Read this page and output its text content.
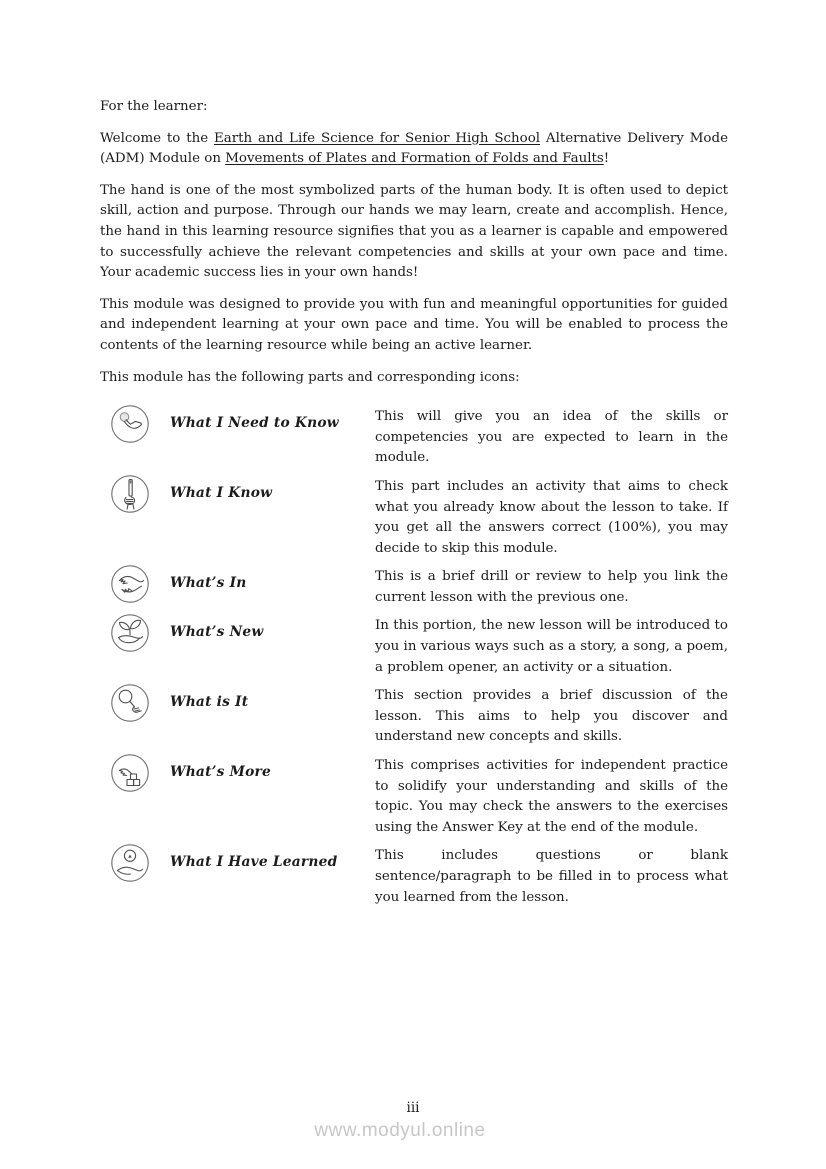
For the learner:

Welcome to the Earth and Life Science for Senior High School Alternative Delivery Mode (ADM) Module on Movements of Plates and Formation of Folds and Faults!

The hand is one of the most symbolized parts of the human body. It is often used to depict skill, action and purpose. Through our hands we may learn, create and accomplish. Hence, the hand in this learning resource signifies that you as a learner is capable and empowered to successfully achieve the relevant competencies and skills at your own pace and time. Your academic success lies in your own hands!

This module was designed to provide you with fun and meaningful opportunities for guided and independent learning at your own pace and time. You will be enabled to process the contents of the learning resource while being an active learner.

This module has the following parts and corresponding icons:

What I Need to Know	This will give you an idea of the skills or competencies you are expected to learn in the module.
What I Know	This part includes an activity that aims to check what you already know about the lesson to take. If you get all the answers correct (100%), you may decide to skip this module.
What’s In	This is a brief drill or review to help you link the current lesson with the previous one.
What’s New	In this portion, the new lesson will be introduced to you in various ways such as a story, a song, a poem, a problem opener, an activity or a situation.
What is It	This section provides a brief discussion of the lesson. This aims to help you discover and understand new concepts and skills.
What’s More	This comprises activities for independent practice to solidify your understanding and skills of the topic. You may check the answers to the exercises using the Answer Key at the end of the module.
What I Have Learned	This includes questions or blank sentence/paragraph to be filled in to process what you learned from the lesson.
iii
www.modyul.online
